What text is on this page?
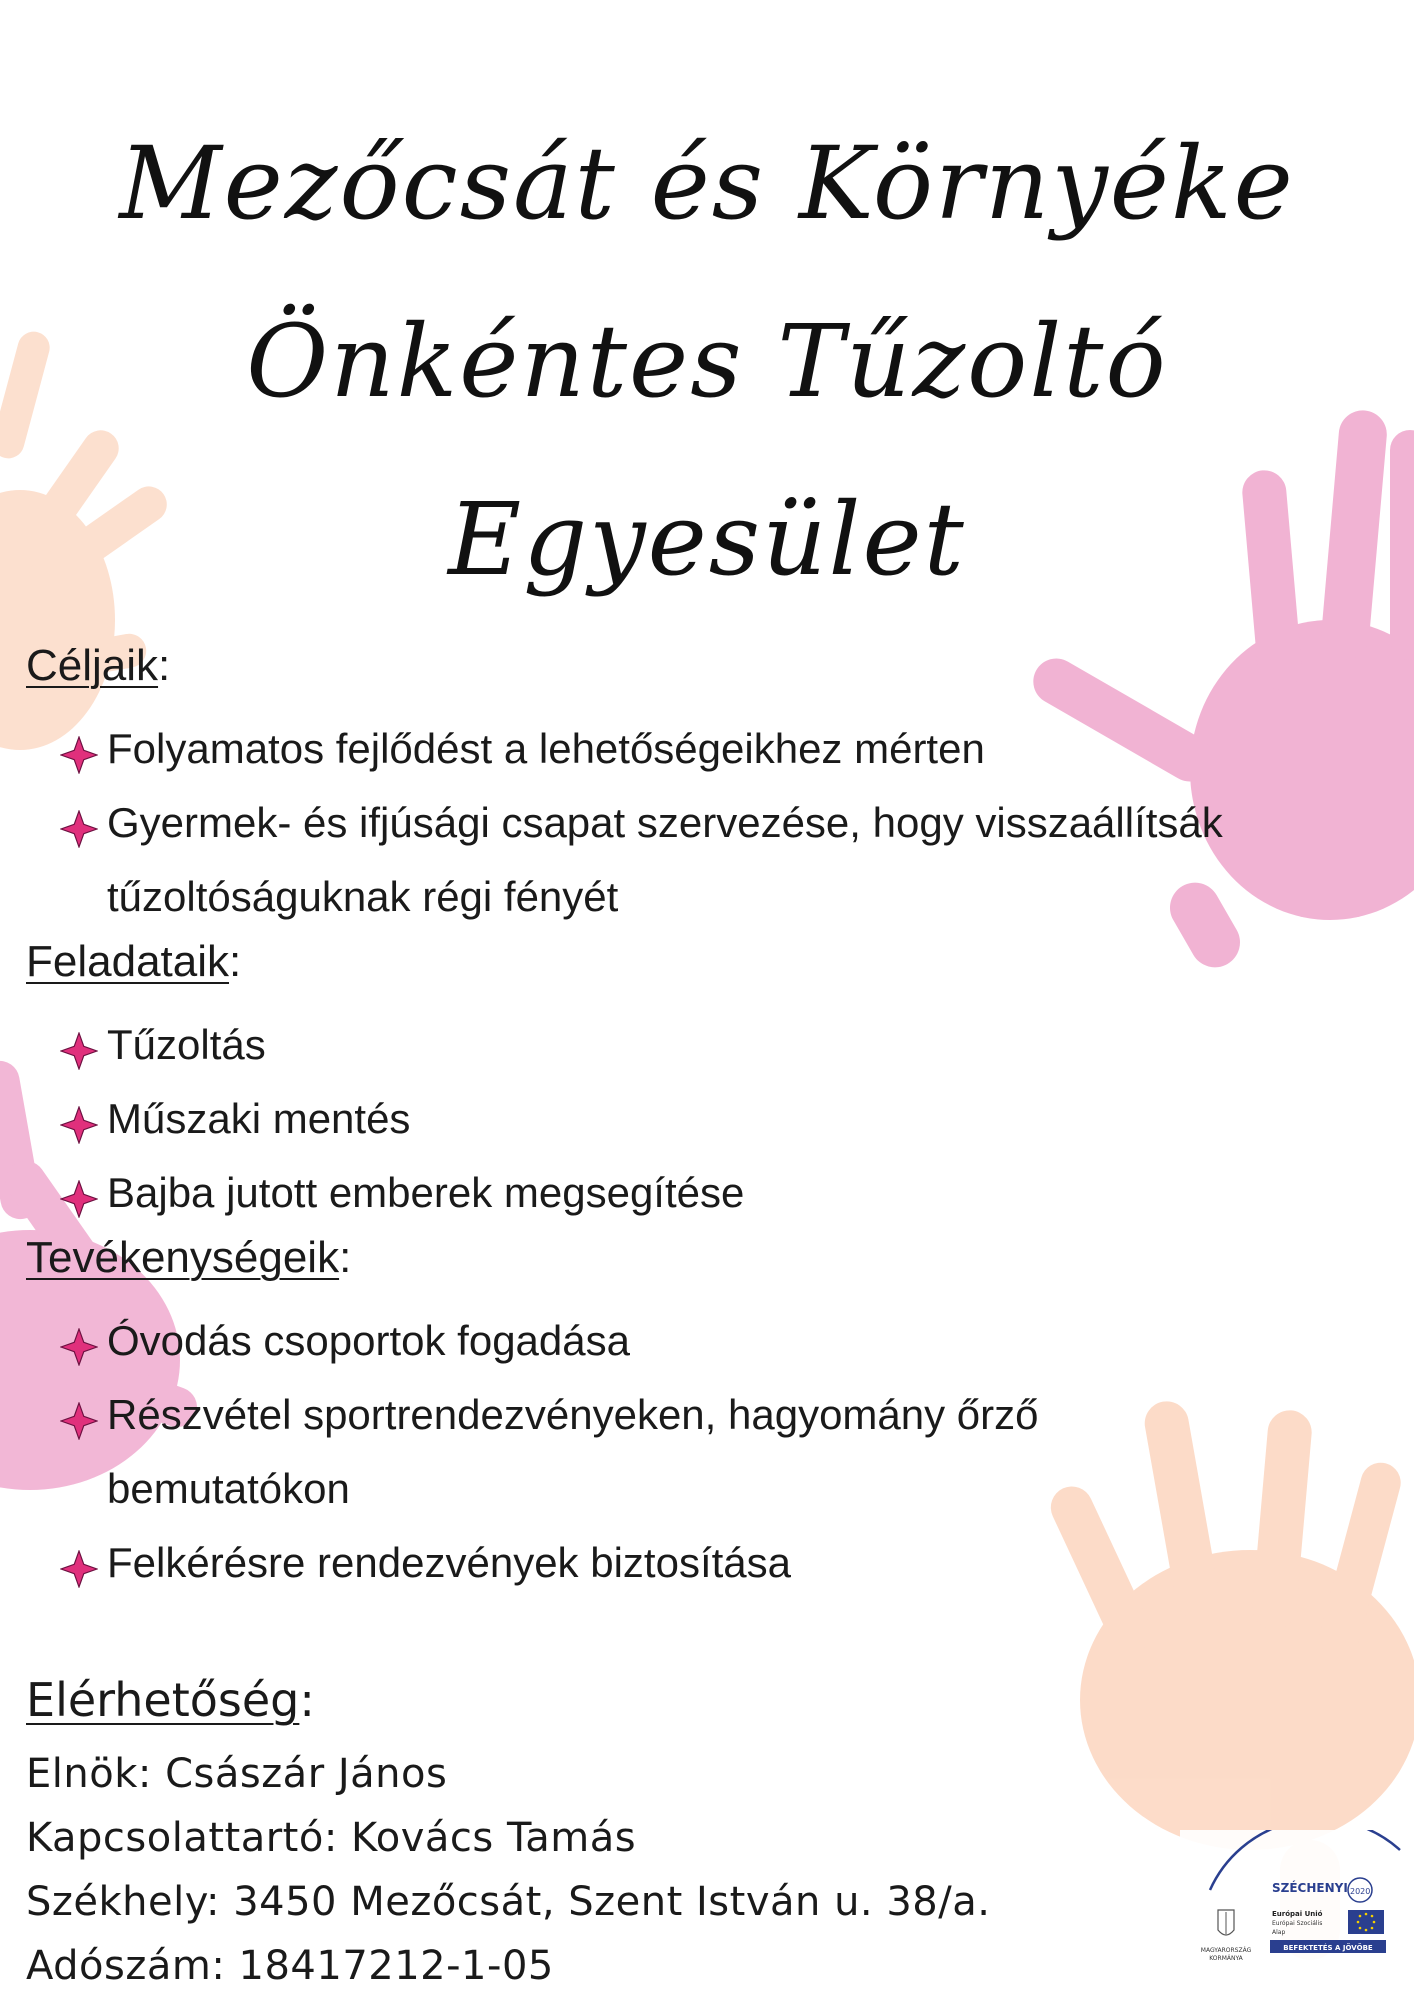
Mezőcsát és Környéke
Önkéntes Tűzoltó
Egyesület
Céljaik:
Folyamatos fejlődést a lehetőségeikhez mérten
Gyermek- és ifjúsági csapat szervezése, hogy visszaállítsák tűzoltóságuknak régi fényét
Feladataik:
Tűzoltás
Műszaki mentés
Bajba jutott emberek megsegítése
Tevékenységeik:
Óvodás csoportok fogadása
Részvétel sportrendezvényeken, hagyomány őrző bemutatókon
Felkérésre rendezvények biztosítása
Elérhetőség:
Elnök: Császár János
Kapcsolattartó: Kovács Tamás
Székhely: 3450 Mezőcsát, Szent István u. 38/a.
Adószám: 18417212-1-05
SZÉCHENYI 2020
MAGYARORSZÁG
KORMÁNYA
Európai Unió
Európai Szociális
Alap
BEFEKTETÉS A JÖVŐBE
